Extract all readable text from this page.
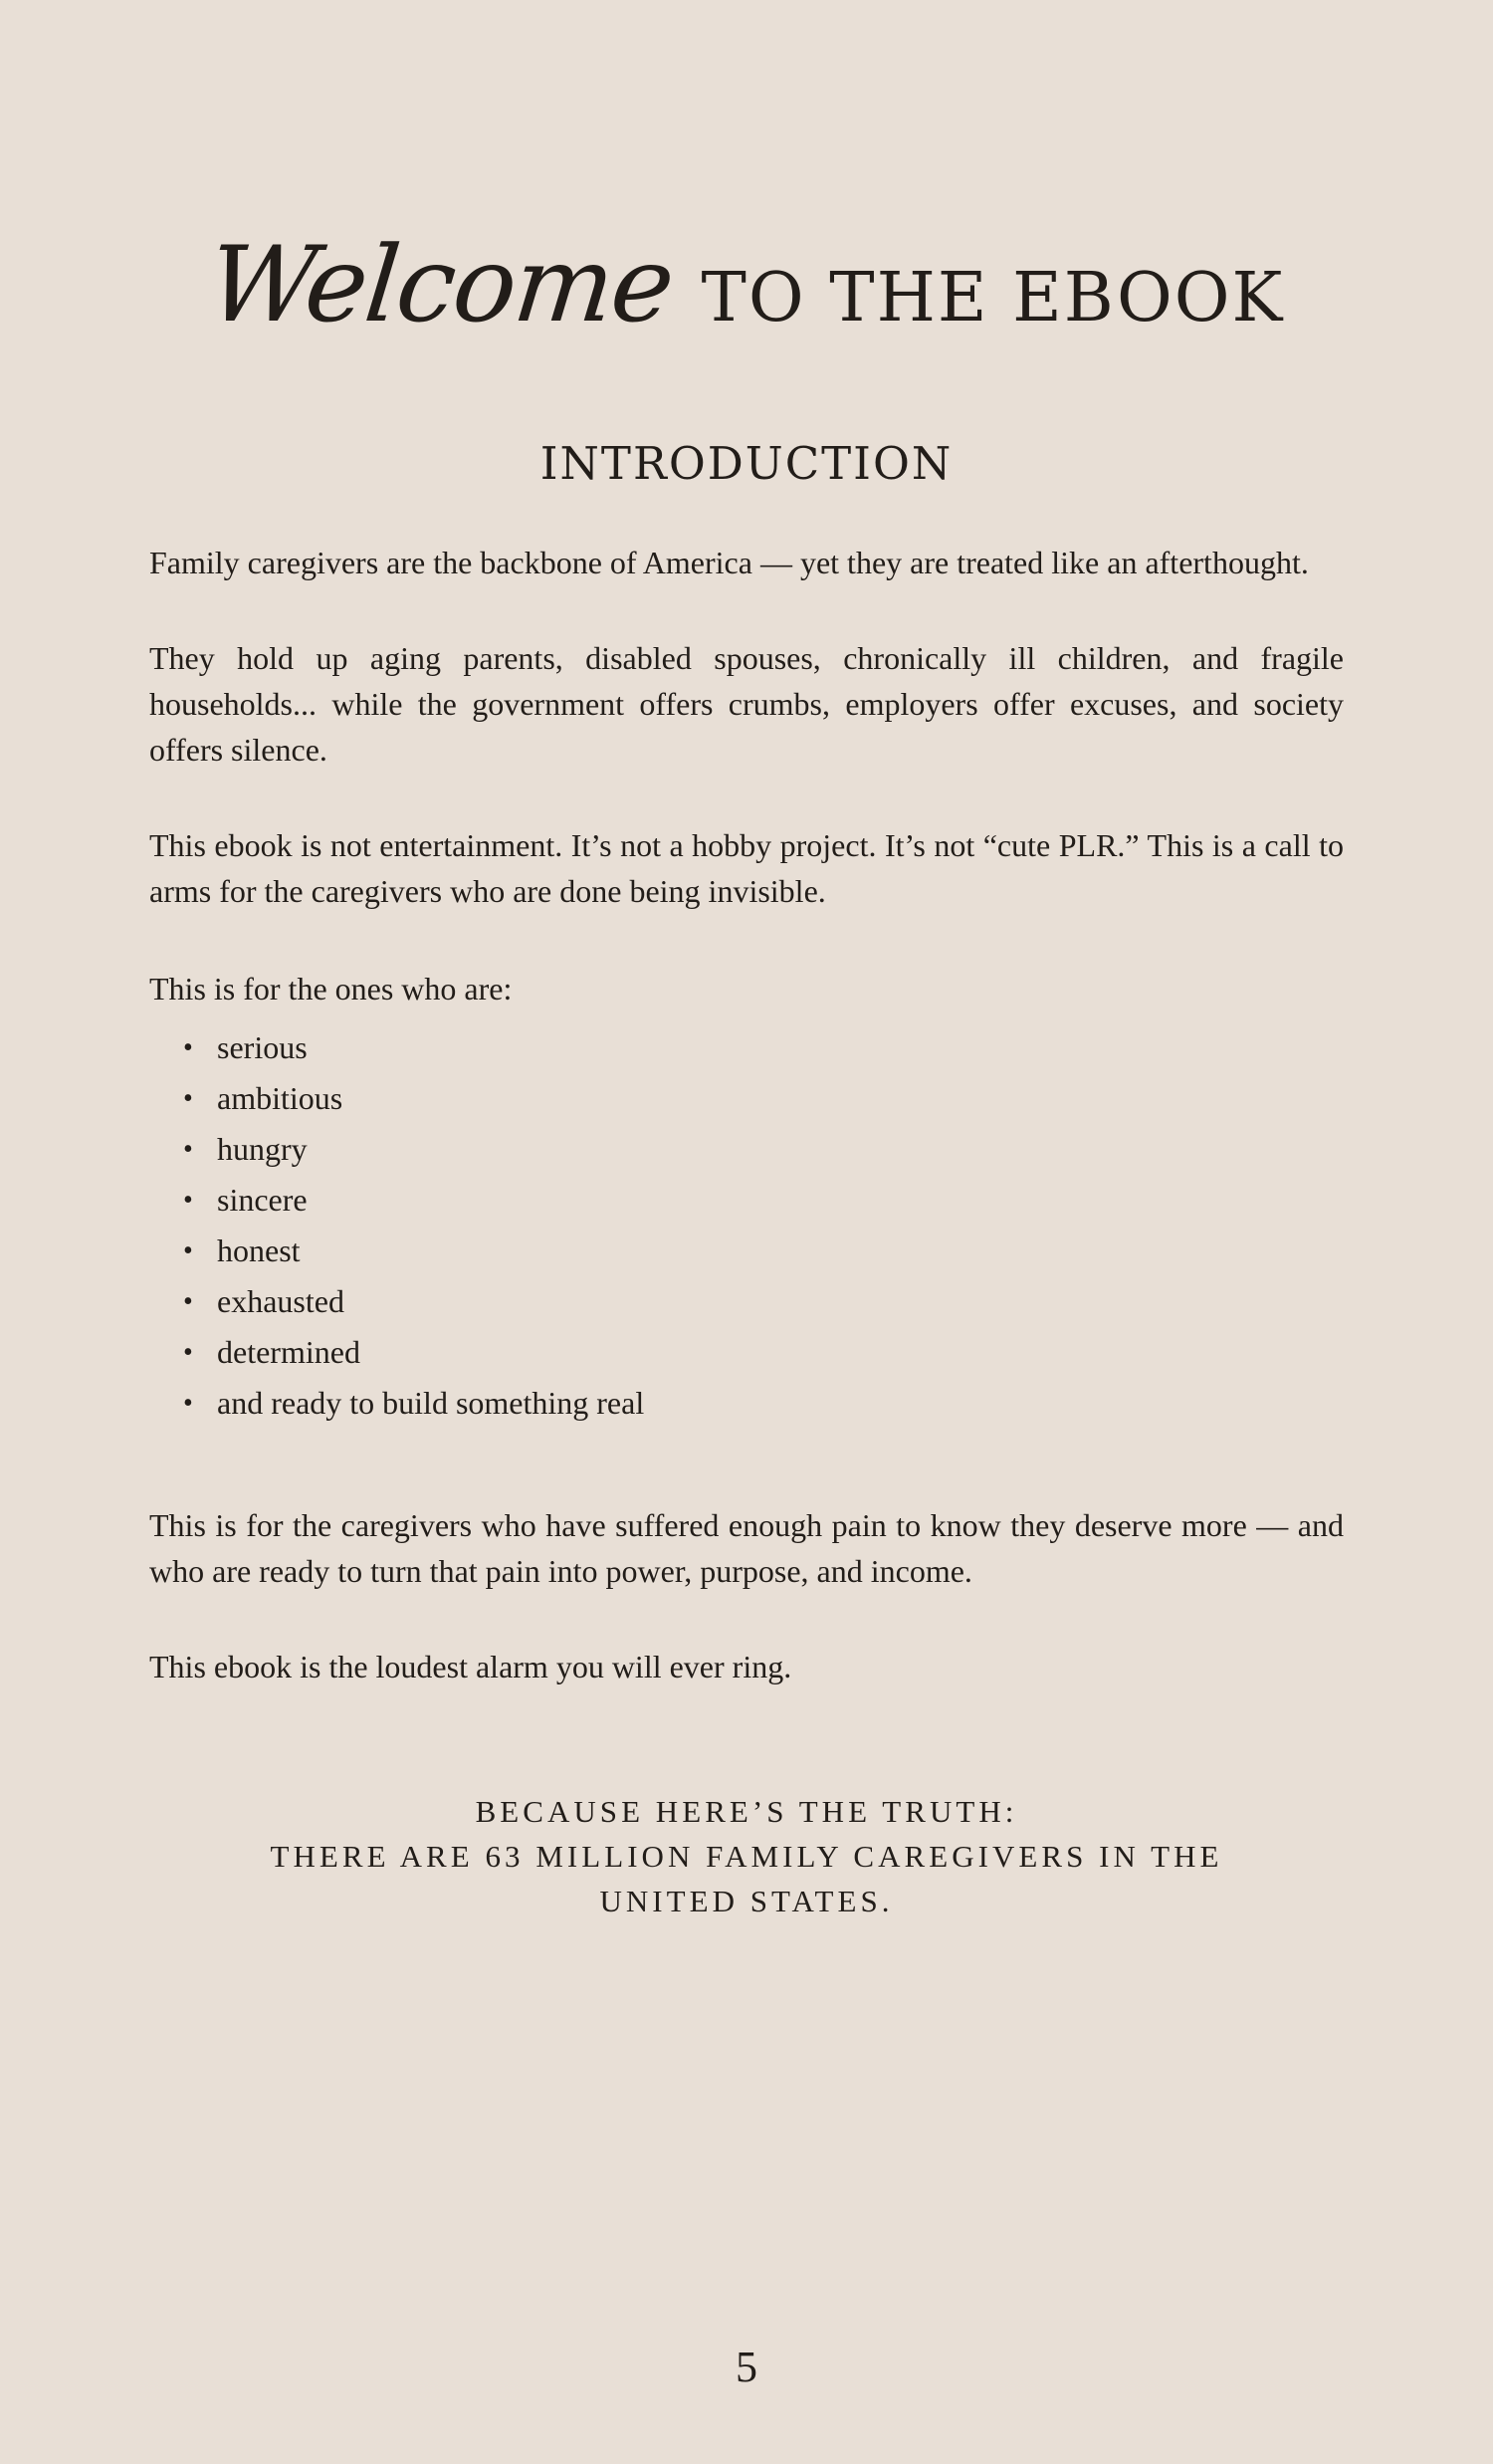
Welcome TO THE EBOOK
INTRODUCTION

Family caregivers are the backbone of America — yet they are treated like an afterthought.

They hold up aging parents, disabled spouses, chronically ill children, and fragile households... while the government offers crumbs, employers offer excuses, and society offers silence.

This ebook is not entertainment. It’s not a hobby project. It’s not “cute PLR.” This is a call to arms for the caregivers who are done being invisible.

This is for the ones who are:

• serious
• ambitious
• hungry
• sincere
• honest
• exhausted
• determined
• and ready to build something real

This is for the caregivers who have suffered enough pain to know they deserve more — and who are ready to turn that pain into power, purpose, and income.

This ebook is the loudest alarm you will ever ring.

BECAUSE HERE’S THE TRUTH:
THERE ARE 63 MILLION FAMILY CAREGIVERS IN THE
UNITED STATES.
5
